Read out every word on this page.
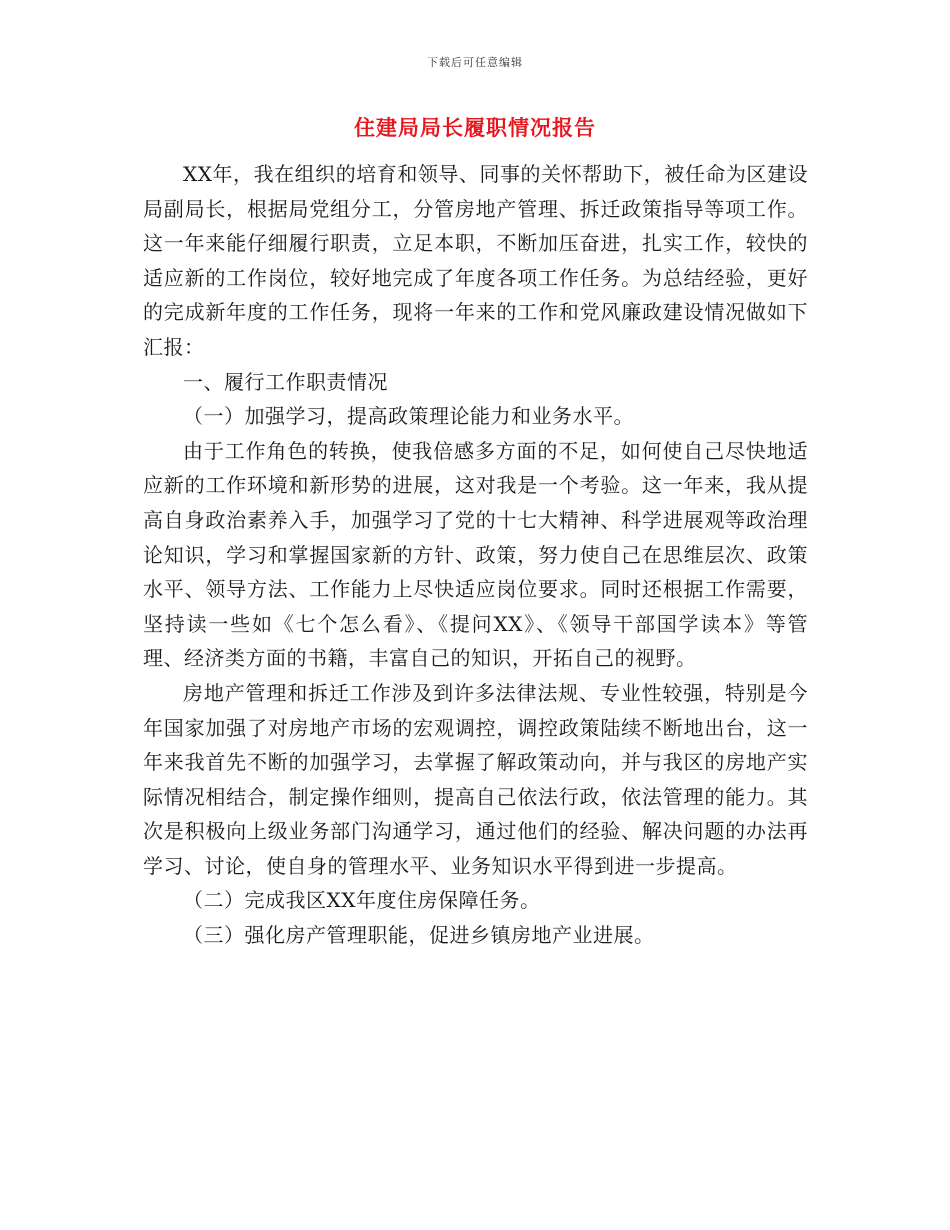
下载后可任意编辑
住建局局长履职情况报告

XX年，我在组织的培育和领导、同事的关怀帮助下，被任命为区建设局副局长，根据局党组分工，分管房地产管理、拆迁政策指导等项工作。这一年来能仔细履行职责，立足本职，不断加压奋进，扎实工作，较快的适应新的工作岗位，较好地完成了年度各项工作任务。为总结经验，更好的完成新年度的工作任务，现将一年来的工作和党风廉政建设情况做如下汇报：

一、履行工作职责情况

（一）加强学习，提高政策理论能力和业务水平。

由于工作角色的转换，使我倍感多方面的不足，如何使自己尽快地适应新的工作环境和新形势的进展，这对我是一个考验。这一年来，我从提高自身政治素养入手，加强学习了党的十七大精神、科学进展观等政治理论知识，学习和掌握国家新的方针、政策，努力使自己在思维层次、政策水平、领导方法、工作能力上尽快适应岗位要求。同时还根据工作需要，坚持读一些如《七个怎么看》、《提问XX》、《领导干部国学读本》等管理、经济类方面的书籍，丰富自己的知识，开拓自己的视野。

房地产管理和拆迁工作涉及到许多法律法规、专业性较强，特别是今年国家加强了对房地产市场的宏观调控，调控政策陆续不断地出台，这一年来我首先不断的加强学习，去掌握了解政策动向，并与我区的房地产实际情况相结合，制定操作细则，提高自己依法行政，依法管理的能力。其次是积极向上级业务部门沟通学习，通过他们的经验、解决问题的办法再学习、讨论，使自身的管理水平、业务知识水平得到进一步提高。

（二）完成我区XX年度住房保障任务。

（三）强化房产管理职能，促进乡镇房地产业进展。
